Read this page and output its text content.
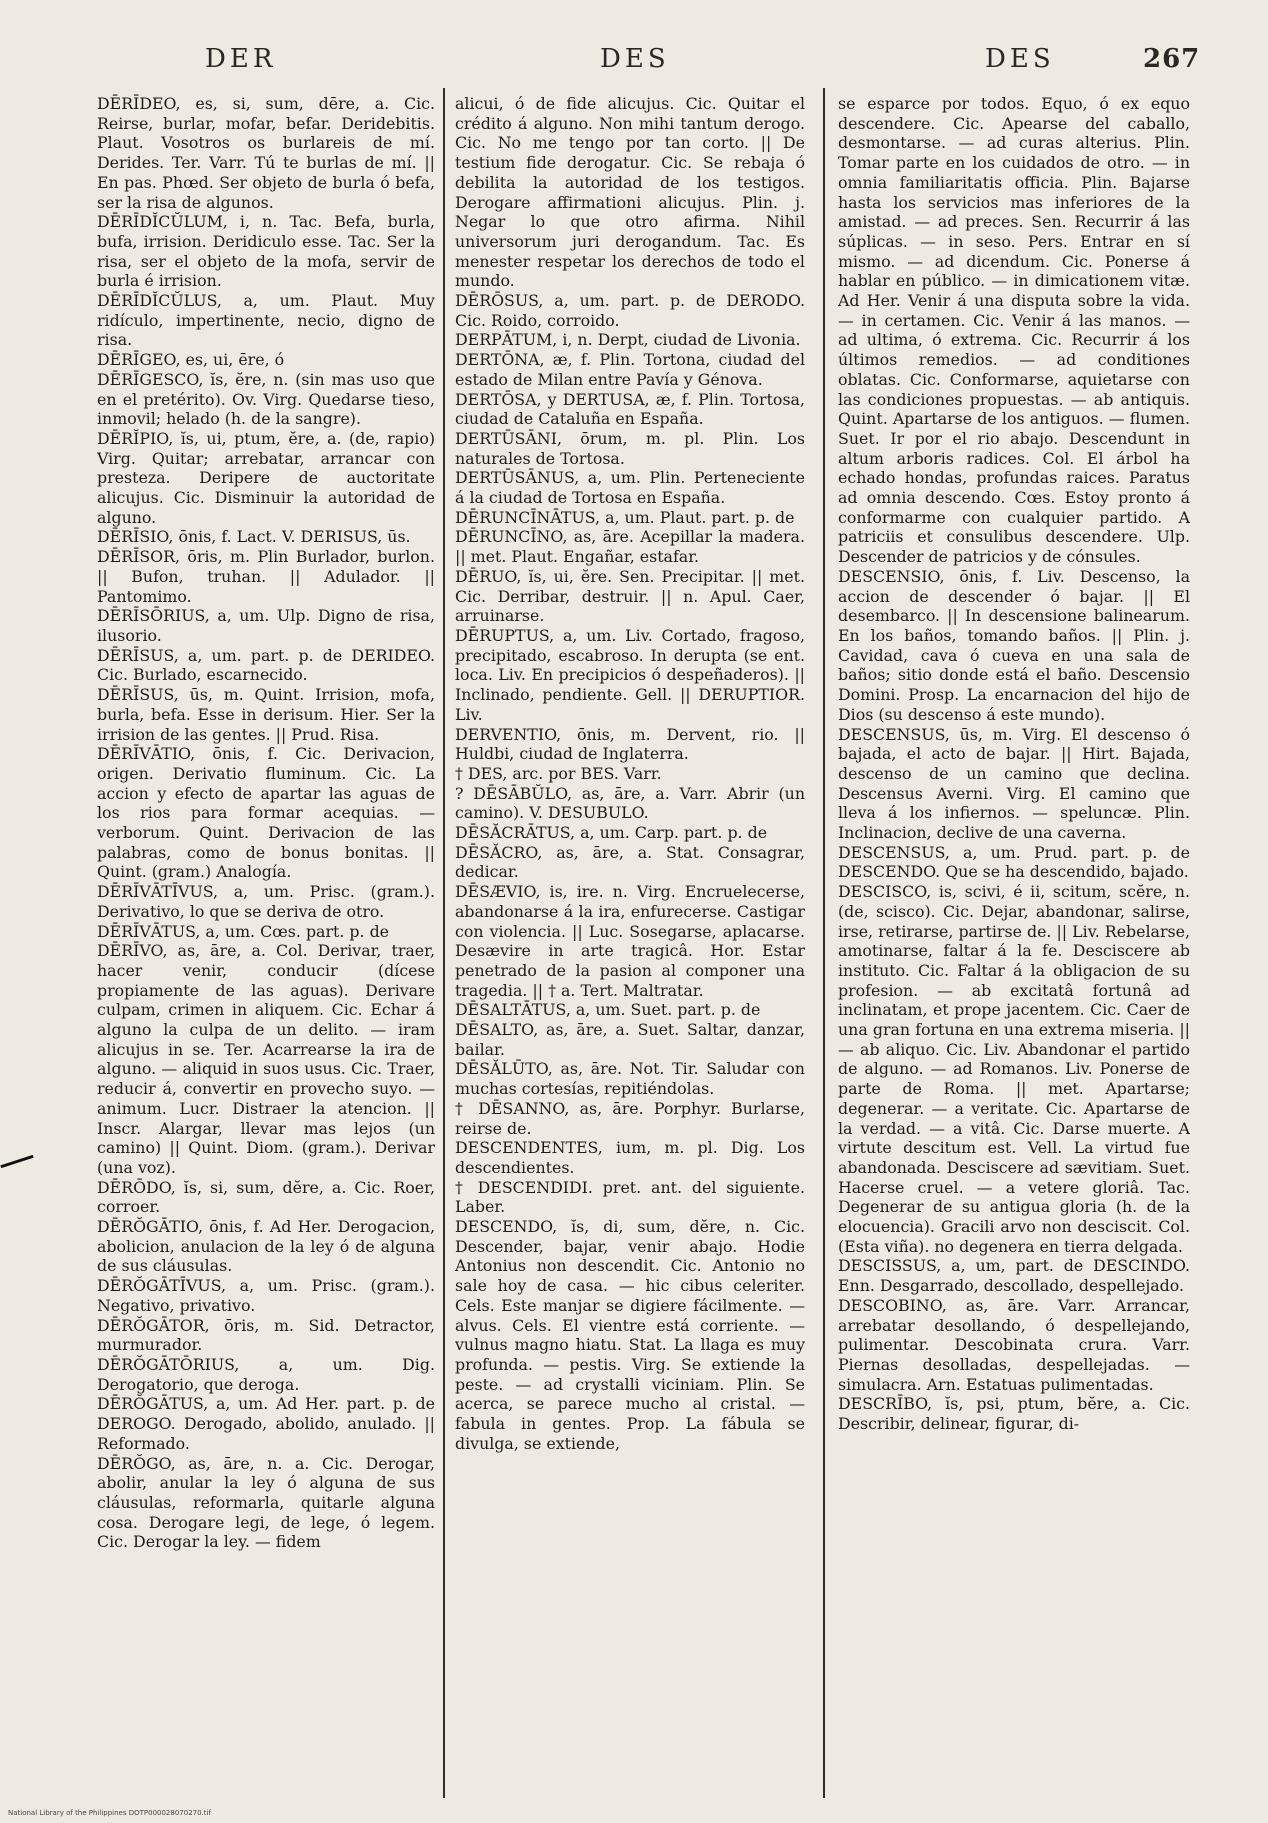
DER	DES	DES	267

DĒRĪDEO, es, si, sum, dēre, a. Cic. Reirse, burlar, mofar, befar. Deridebitis. Plaut. Vosotros os burlareis de mí. Derides. Ter. Varr. Tú te burlas de mí. || En pas. Phœd. Ser objeto de burla ó befa, ser la risa de algunos.

DĒRĪDĬCŬLUM, i, n. Tac. Befa, burla, bufa, irrision. Deridiculo esse. Tac. Ser la risa, ser el objeto de la mofa, servir de burla é irrision.

DĒRĪDĬCŬLUS, a, um. Plaut. Muy ridículo, impertinente, necio, digno de risa.

DĒRĪGEO, es, ui, ēre, ó

DĒRĪGESCO, ĭs, ĕre, n. (sin mas uso que en el pretérito). Ov. Virg. Quedarse tieso, inmovil; helado (h. de la sangre).

DĒRĬPIO, ĭs, ui, ptum, ĕre, a. (de, rapio) Virg. Quitar; arrebatar, arrancar con presteza. Deripere de auctoritate alicujus. Cic. Disminuir la autoridad de alguno.

DĒRĪSIO, ōnis, f. Lact. V. DERISUS, ūs.

DĒRĪSOR, ōris, m. Plin Burlador, burlon. || Bufon, truhan. || Adulador. || Pantomimo.

DĒRĪSŌRIUS, a, um. Ulp. Digno de risa, ilusorio.

DĒRĪSUS, a, um. part. p. de DERIDEO. Cic. Burlado, escarnecido.

DĒRĪSUS, ūs, m. Quint. Irrision, mofa, burla, befa. Esse in derisum. Hier. Ser la irrision de las gentes. || Prud. Risa.

DĒRĪVĀTIO, ōnis, f. Cic. Derivacion, origen. Derivatio fluminum. Cic. La accion y efecto de apartar las aguas de los rios para formar acequias. — verborum. Quint. Derivacion de las palabras, como de bonus bonitas. || Quint. (gram.) Analogía.

DĒRĪVĀTĪVUS, a, um. Prisc. (gram.). Derivativo, lo que se deriva de otro.

DĒRĪVĀTUS, a, um. Cœs. part. p. de

DĒRĪVO, as, āre, a. Col. Derivar, traer, hacer venir, conducir (dícese propiamente de las aguas). Derivare culpam, crimen in aliquem. Cic. Echar á alguno la culpa de un delito. — iram alicujus in se. Ter. Acarrearse la ira de alguno. — aliquid in suos usus. Cic. Traer, reducir á, convertir en provecho suyo. — animum. Lucr. Distraer la atencion. || Inscr. Alargar, llevar mas lejos (un camino) || Quint. Diom. (gram.). Derivar (una voz).

DĒRŌDO, ĭs, si, sum, dĕre, a. Cic. Roer, corroer.

DĒRŎGĀTIO, ōnis, f. Ad Her. Derogacion, abolicion, anulacion de la ley ó de alguna de sus cláusulas.

DĒRŎGĀTĪVUS, a, um. Prisc. (gram.). Negativo, privativo.

DĒRŎGĀTOR, ōris, m. Sid. Detractor, murmurador.

DĒRŎGĀTŌRIUS, a, um. Dig. Derogatorio, que deroga.

DĒRŎGĀTUS, a, um. Ad Her. part. p. de DEROGO. Derogado, abolido, anulado. || Reformado.

DĒRŎGO, as, āre, n. a. Cic. Derogar, abolir, anular la ley ó alguna de sus cláusulas, reformarla, quitarle alguna cosa. Derogare legi, de lege, ó legem. Cic. Derogar la ley. — fidem

alicui, ó de fide alicujus. Cic. Quitar el crédito á alguno. Non mihi tantum derogo. Cic. No me tengo por tan corto. || De testium fide derogatur. Cic. Se rebaja ó debilita la autoridad de los testigos. Derogare affirmationi alicujus. Plin. j. Negar lo que otro afirma. Nihil universorum juri derogandum. Tac. Es menester respetar los derechos de todo el mundo.

DĒRŌSUS, a, um. part. p. de DERODO. Cic. Roido, corroido.

DERPĀTUM, i, n. Derpt, ciudad de Livonia.

DERTŌNA, æ, f. Plin. Tortona, ciudad del estado de Milan entre Pavía y Génova.

DERTŌSA, y DERTUSA, æ, f. Plin. Tortosa, ciudad de Cataluña en España.

DERTŪSĀNI, ōrum, m. pl. Plin. Los naturales de Tortosa.

DERTŪSĀNUS, a, um. Plin. Perteneciente á la ciudad de Tortosa en España.

DĒRUNCĪNĀTUS, a, um. Plaut. part. p. de

DĒRUNCĪNO, as, āre. Acepillar la madera. || met. Plaut. Engañar, estafar.

DĒRUO, ĭs, ui, ĕre. Sen. Precipitar. || met. Cic. Derribar, destruir. || n. Apul. Caer, arruinarse.

DĒRUPTUS, a, um. Liv. Cortado, fragoso, precipitado, escabroso. In derupta (se ent. loca. Liv. En precipicios ó despeñaderos). || Inclinado, pendiente. Gell. || DERUPTIOR. Liv.

DERVENTIO, ōnis, m. Dervent, rio. || Huldbi, ciudad de Inglaterra.

† DES, arc. por BES. Varr.

? DĒSĀBŬLO, as, āre, a. Varr. Abrir (un camino). V. DESUBULO.

DĒSĂCRĀTUS, a, um. Carp. part. p. de

DĒSĂCRO, as, āre, a. Stat. Consagrar, dedicar.

DĒSÆVIO, is, ire. n. Virg. Encruelecerse, abandonarse á la ira, enfurecerse. Castigar con violencia. || Luc. Sosegarse, aplacarse. Desævire in arte tragicâ. Hor. Estar penetrado de la pasion al componer una tragedia. || † a. Tert. Maltratar.

DĒSALTĀTUS, a, um. Suet. part. p. de

DĒSALTO, as, āre, a. Suet. Saltar, danzar, bailar.

DĒSĂLŪTO, as, āre. Not. Tir. Saludar con muchas cortesías, repitiéndolas.

† DĒSANNO, as, āre. Porphyr. Burlarse, reirse de.

DESCENDENTES, ium, m. pl. Dig. Los descendientes.

† DESCENDIDI. pret. ant. del siguiente. Laber.

DESCENDO, ĭs, di, sum, dĕre, n. Cic. Descender, bajar, venir abajo. Hodie Antonius non descendit. Cic. Antonio no sale hoy de casa. — hic cibus celeriter. Cels. Este manjar se digiere fácilmente. — alvus. Cels. El vientre está corriente. — vulnus magno hiatu. Stat. La llaga es muy profunda. — pestis. Virg. Se extiende la peste. — ad crystalli viciniam. Plin. Se acerca, se parece mucho al cristal. — fabula in gentes. Prop. La fábula se divulga, se extiende,

se esparce por todos. Equo, ó ex equo descendere. Cic. Apearse del caballo, desmontarse. — ad curas alterius. Plin. Tomar parte en los cuidados de otro. — in omnia familiaritatis officia. Plin. Bajarse hasta los servicios mas inferiores de la amistad. — ad preces. Sen. Recurrir á las súplicas. — in seso. Pers. Entrar en sí mismo. — ad dicendum. Cic. Ponerse á hablar en público. — in dimicationem vitæ. Ad Her. Venir á una disputa sobre la vida. — in certamen. Cic. Venir á las manos. — ad ultima, ó extrema. Cic. Recurrir á los últimos remedios. — ad conditiones oblatas. Cic. Conformarse, aquietarse con las condiciones propuestas. — ab antiquis. Quint. Apartarse de los antiguos. — flumen. Suet. Ir por el rio abajo. Descendunt in altum arboris radices. Col. El árbol ha echado hondas, profundas raices. Paratus ad omnia descendo. Cœs. Estoy pronto á conformarme con cualquier partido. A patriciis et consulibus descendere. Ulp. Descender de patricios y de cónsules.

DESCENSIO, ōnis, f. Liv. Descenso, la accion de descender ó bajar. || El desembarco. || In descensione balinearum. En los baños, tomando baños. || Plin. j. Cavidad, cava ó cueva en una sala de baños; sitio donde está el baño. Descensio Domini. Prosp. La encarnacion del hijo de Dios (su descenso á este mundo).

DESCENSUS, ūs, m. Virg. El descenso ó bajada, el acto de bajar. || Hirt. Bajada, descenso de un camino que declina. Descensus Averni. Virg. El camino que lleva á los infiernos. — speluncæ. Plin. Inclinacion, declive de una caverna.

DESCENSUS, a, um. Prud. part. p. de DESCENDO. Que se ha descendido, bajado.

DESCISCO, is, scivi, é ii, scitum, scĕre, n. (de, scisco). Cic. Dejar, abandonar, salirse, irse, retirarse, partirse de. || Liv. Rebelarse, amotinarse, faltar á la fe. Desciscere ab instituto. Cic. Faltar á la obligacion de su profesion. — ab excitatâ fortunâ ad inclinatam, et prope jacentem. Cic. Caer de una gran fortuna en una extrema miseria. || — ab aliquo. Cic. Liv. Abandonar el partido de alguno. — ad Romanos. Liv. Ponerse de parte de Roma. || met. Apartarse; degenerar. — a veritate. Cic. Apartarse de la verdad. — a vitâ. Cic. Darse muerte. A virtute descitum est. Vell. La virtud fue abandonada. Desciscere ad sævitiam. Suet. Hacerse cruel. — a vetere gloriâ. Tac. Degenerar de su antigua gloria (h. de la elocuencia). Gracili arvo non desciscit. Col. (Esta viña). no degenera en tierra delgada.

DESCISSUS, a, um, part. de DESCINDO. Enn. Desgarrado, descollado, despellejado.

DESCOBINO, as, āre. Varr. Arrancar, arrebatar desollando, ó despellejando, pulimentar. Descobinata crura. Varr. Piernas desolladas, despellejadas. — simulacra. Arn. Estatuas pulimentadas.

DESCRĪBO, ĭs, psi, ptum, bĕre, a. Cic. Describir, delinear, figurar, di-

National Library of the Philippines DOTP000028070270.tif
